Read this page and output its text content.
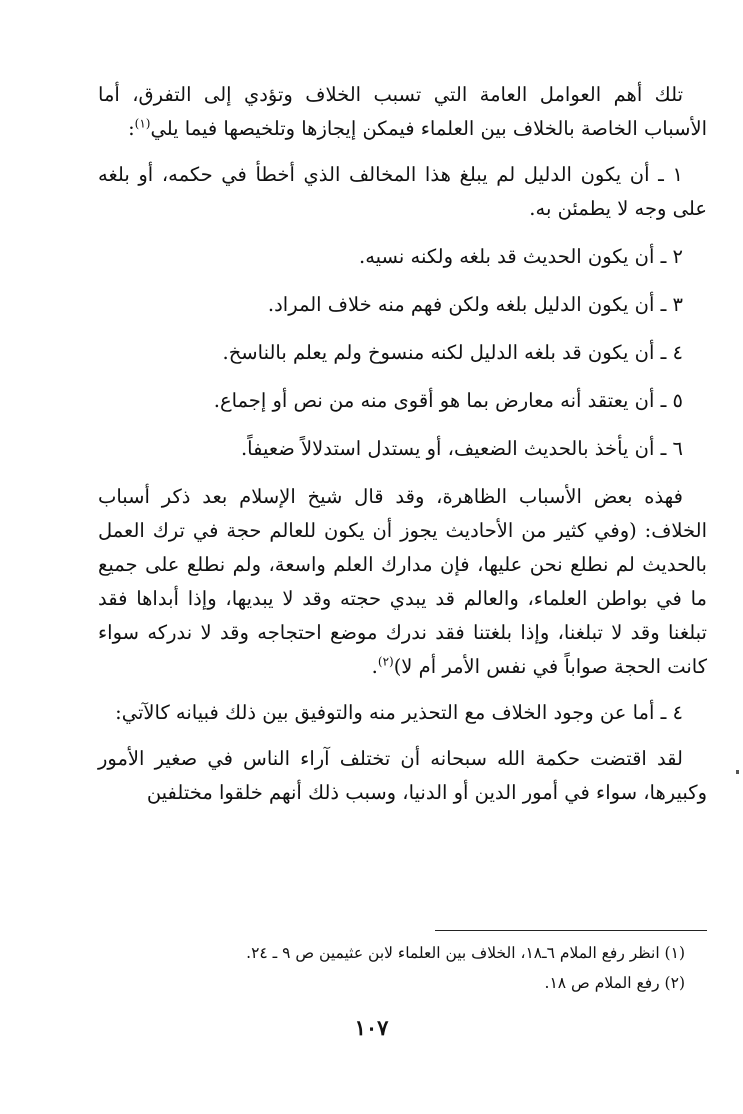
تلك أهم العوامل العامة التي تسبب الخلاف وتؤدي إلى التفرق، أما الأسباب الخاصة بالخلاف بين العلماء فيمكن إيجازها وتلخيصها فيما يلي$^{(١)}$:

١ ـ أن يكون الدليل لم يبلغ هذا المخالف الذي أخطأ في حكمه، أو بلغه على وجه لا يطمئن به.

٢ ـ أن يكون الحديث قد بلغه ولكنه نسيه.

٣ ـ أن يكون الدليل بلغه ولكن فهم منه خلاف المراد.

٤ ـ أن يكون قد بلغه الدليل لكنه منسوخ ولم يعلم بالناسخ.

٥ ـ أن يعتقد أنه معارض بما هو أقوى منه من نص أو إجماع.

٦ ـ أن يأخذ بالحديث الضعيف، أو يستدل استدلالاً ضعيفاً.

فهذه بعض الأسباب الظاهرة، وقد قال شيخ الإسلام بعد ذكر أسباب الخلاف: (وفي كثير من الأحاديث يجوز أن يكون للعالم حجة في ترك العمل بالحديث لم نطلع نحن عليها، فإن مدارك العلم واسعة، ولم نطلع على جميع ما في بواطن العلماء، والعالم قد يبدي حجته وقد لا يبديها، وإذا أبداها فقد تبلغنا وقد لا تبلغنا، وإذا بلغتنا فقد ندرك موضع احتجاجه وقد لا ندركه سواء كانت الحجة صواباً في نفس الأمر أم لا)$^{(٢)}$.

٤ ـ أما عن وجود الخلاف مع التحذير منه والتوفيق بين ذلك فبيانه كالآتي:

لقد اقتضت حكمة الله سبحانه أن تختلف آراء الناس في صغير الأمور وكبيرها، سواء في أمور الدين أو الدنيا، وسبب ذلك أنهم خلقوا مختلفين

(١) انظر رفع الملام ٦ـ١٨، الخلاف بين العلماء لابن عثيمين ص ٩ ـ ٢٤.

(٢) رفع الملام ص ١٨.

١٠٧
